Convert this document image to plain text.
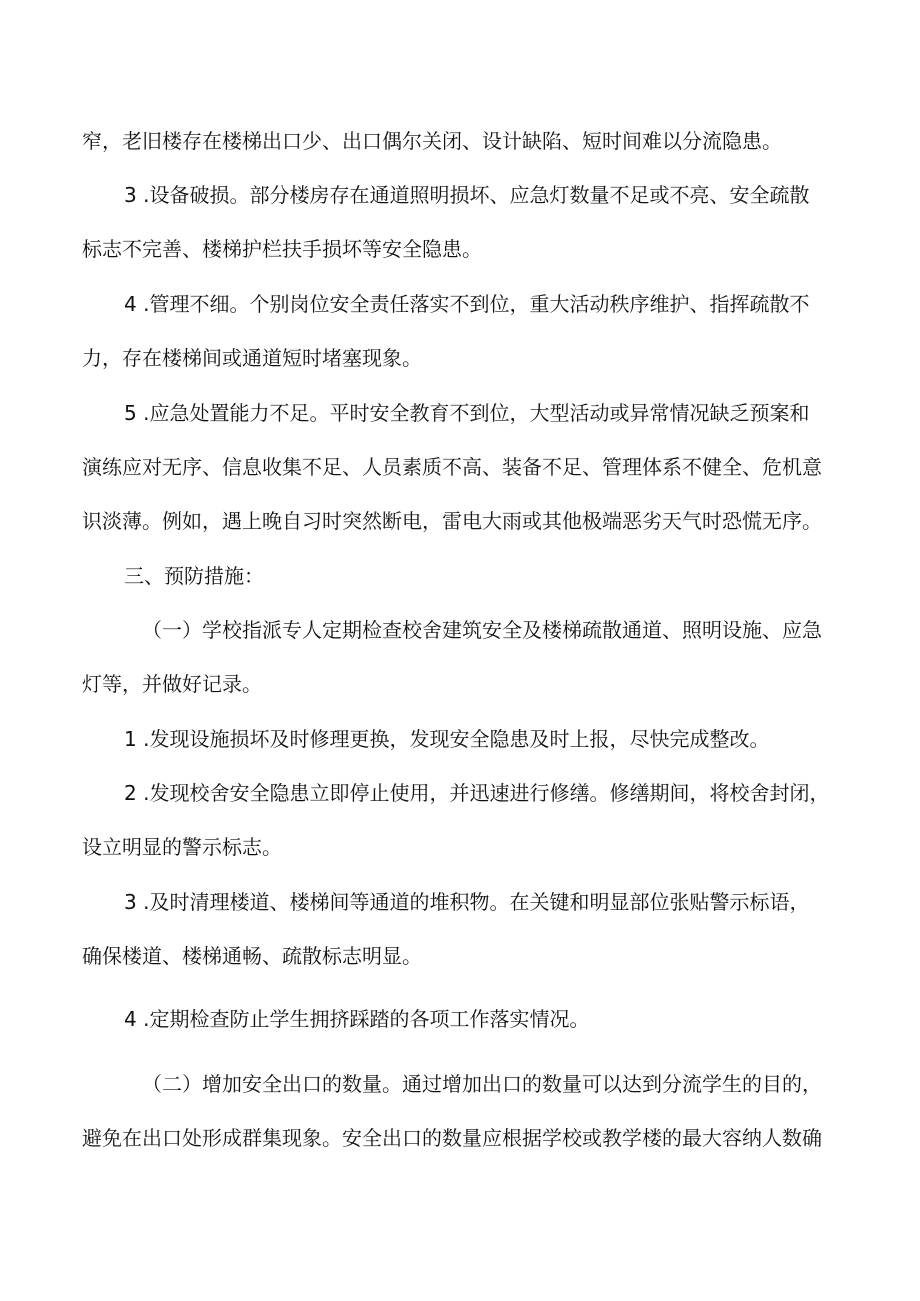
窄，老旧楼存在楼梯出口少、出口偶尔关闭、设计缺陷、短时间难以分流隐患。
3 .设备破损。部分楼房存在通道照明损坏、应急灯数量不足或不亮、安全疏散
标志不完善、楼梯护栏扶手损坏等安全隐患。
4 .管理不细。个别岗位安全责任落实不到位，重大活动秩序维护、指挥疏散不
力，存在楼梯间或通道短时堵塞现象。
5 .应急处置能力不足。平时安全教育不到位，大型活动或异常情况缺乏预案和
演练应对无序、信息收集不足、人员素质不高、装备不足、管理体系不健全、危机意
识淡薄。例如，遇上晚自习时突然断电，雷电大雨或其他极端恶劣天气时恐慌无序。
三、预防措施：
（一）学校指派专人定期检查校舍建筑安全及楼梯疏散通道、照明设施、应急
灯等，并做好记录。
1 .发现设施损坏及时修理更换，发现安全隐患及时上报，尽快完成整改。
2 .发现校舍安全隐患立即停止使用，并迅速进行修缮。修缮期间，将校舍封闭，
设立明显的警示标志。
3 .及时清理楼道、楼梯间等通道的堆积物。在关键和明显部位张贴警示标语，
确保楼道、楼梯通畅、疏散标志明显。
4 .定期检查防止学生拥挤踩踏的各项工作落实情况。
（二）增加安全出口的数量。通过增加出口的数量可以达到分流学生的目的，
避免在出口处形成群集现象。安全出口的数量应根据学校或教学楼的最大容纳人数确
